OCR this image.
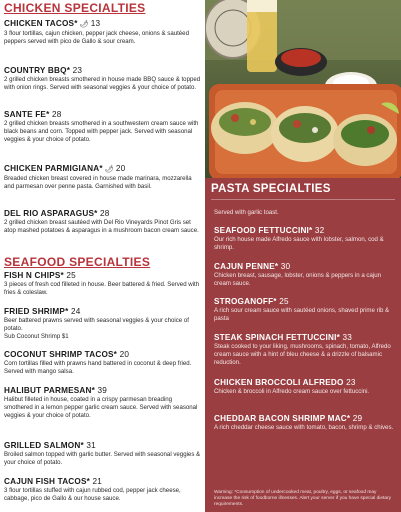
CHICKEN SPECIALTIES
CHICKEN TACOS* 🌶︎ 13
3 flour tortillas, cajun chicken, pepper jack cheese, onions & sautéed peppers served with pico de Gallo & sour cream.
COUNTRY BBQ* 23
2 grilled chicken breasts smothered in house made BBQ sauce & topped with onion rings. Served with seasonal veggies & your choice of potato.
SANTE FE* 28
2 grilled chicken breasts smothered in a southwestern cream sauce with black beans and corn. Topped with pepper jack. Served with seasonal veggies & your choice of potato.
CHICKEN PARMIGIANA* 🌶︎ 20
Breaded chicken breast covered in house made marinara, mozzarella and parmesan over penne pasta. Garnished with basil.
DEL RIO ASPARAGUS* 28
2 grilled chicken breast sautéed with Del Rio Vineyards Pinot Gris set atop mashed potatoes & asparagus in a mushroom bacon cream sauce.
SEAFOOD SPECIALTIES
FISH N CHIPS* 25
3 pieces of fresh cod filleted in house. Beer battered & fried. Served with fries & coleslaw.
FRIED SHRIMP* 24
Beer battered prawns served with seasonal veggies & your choice of potato.
Sub Coconut Shrimp $1
COCONUT SHRIMP TACOS* 20
Corn tortillas filled with prawns hand battered in coconut & deep fried. Served with mango salsa.
HALIBUT PARMESAN* 39
Halibut filleted in house, coated in a crispy parmesan breading smothered in a lemon pepper garlic cream sauce. Served with seasonal veggies & your choice of potato.
GRILLED SALMON* 31
Broiled salmon topped with garlic butter. Served with seasonal veggies & your choice of potato.
CAJUN FISH TACOS* 21
3 flour tortillas stuffed with cajun rubbed cod, pepper jack cheese, cabbage, pico de Gallo & our house sauce.
PASTA SPECIALTIES
Served with garlic toast.
SEAFOOD FETTUCCINI* 32
Our rich house made Alfredo sauce with lobster, salmon, cod & shrimp.
CAJUN PENNE* 30
Chicken breast, sausage, lobster, onions & peppers in a cajun cream sauce.
STROGANOFF* 25
A rich sour cream sauce with sautéed onions, shaved prime rib & pasta
STEAK SPINACH FETTUCCINI* 33
Steak cooked to your liking, mushrooms, spinach, tomato, Alfredo cream sauce with a hint of bleu cheese & a drizzle of balsamic reduction.
CHICKEN BROCCOLI ALFREDO 23
Chicken & broccoli in Alfredo cream sauce over fettuccini.
CHEDDAR BACON SHRIMP MAC* 29
A rich cheddar cheese sauce with tomato, bacon, shrimp & chives.
Warning: *Consumption of undercooked meat, poultry, eggs, or seafood may increase the risk of foodborne illnesses. Alert your server if you have special dietary requirements.
